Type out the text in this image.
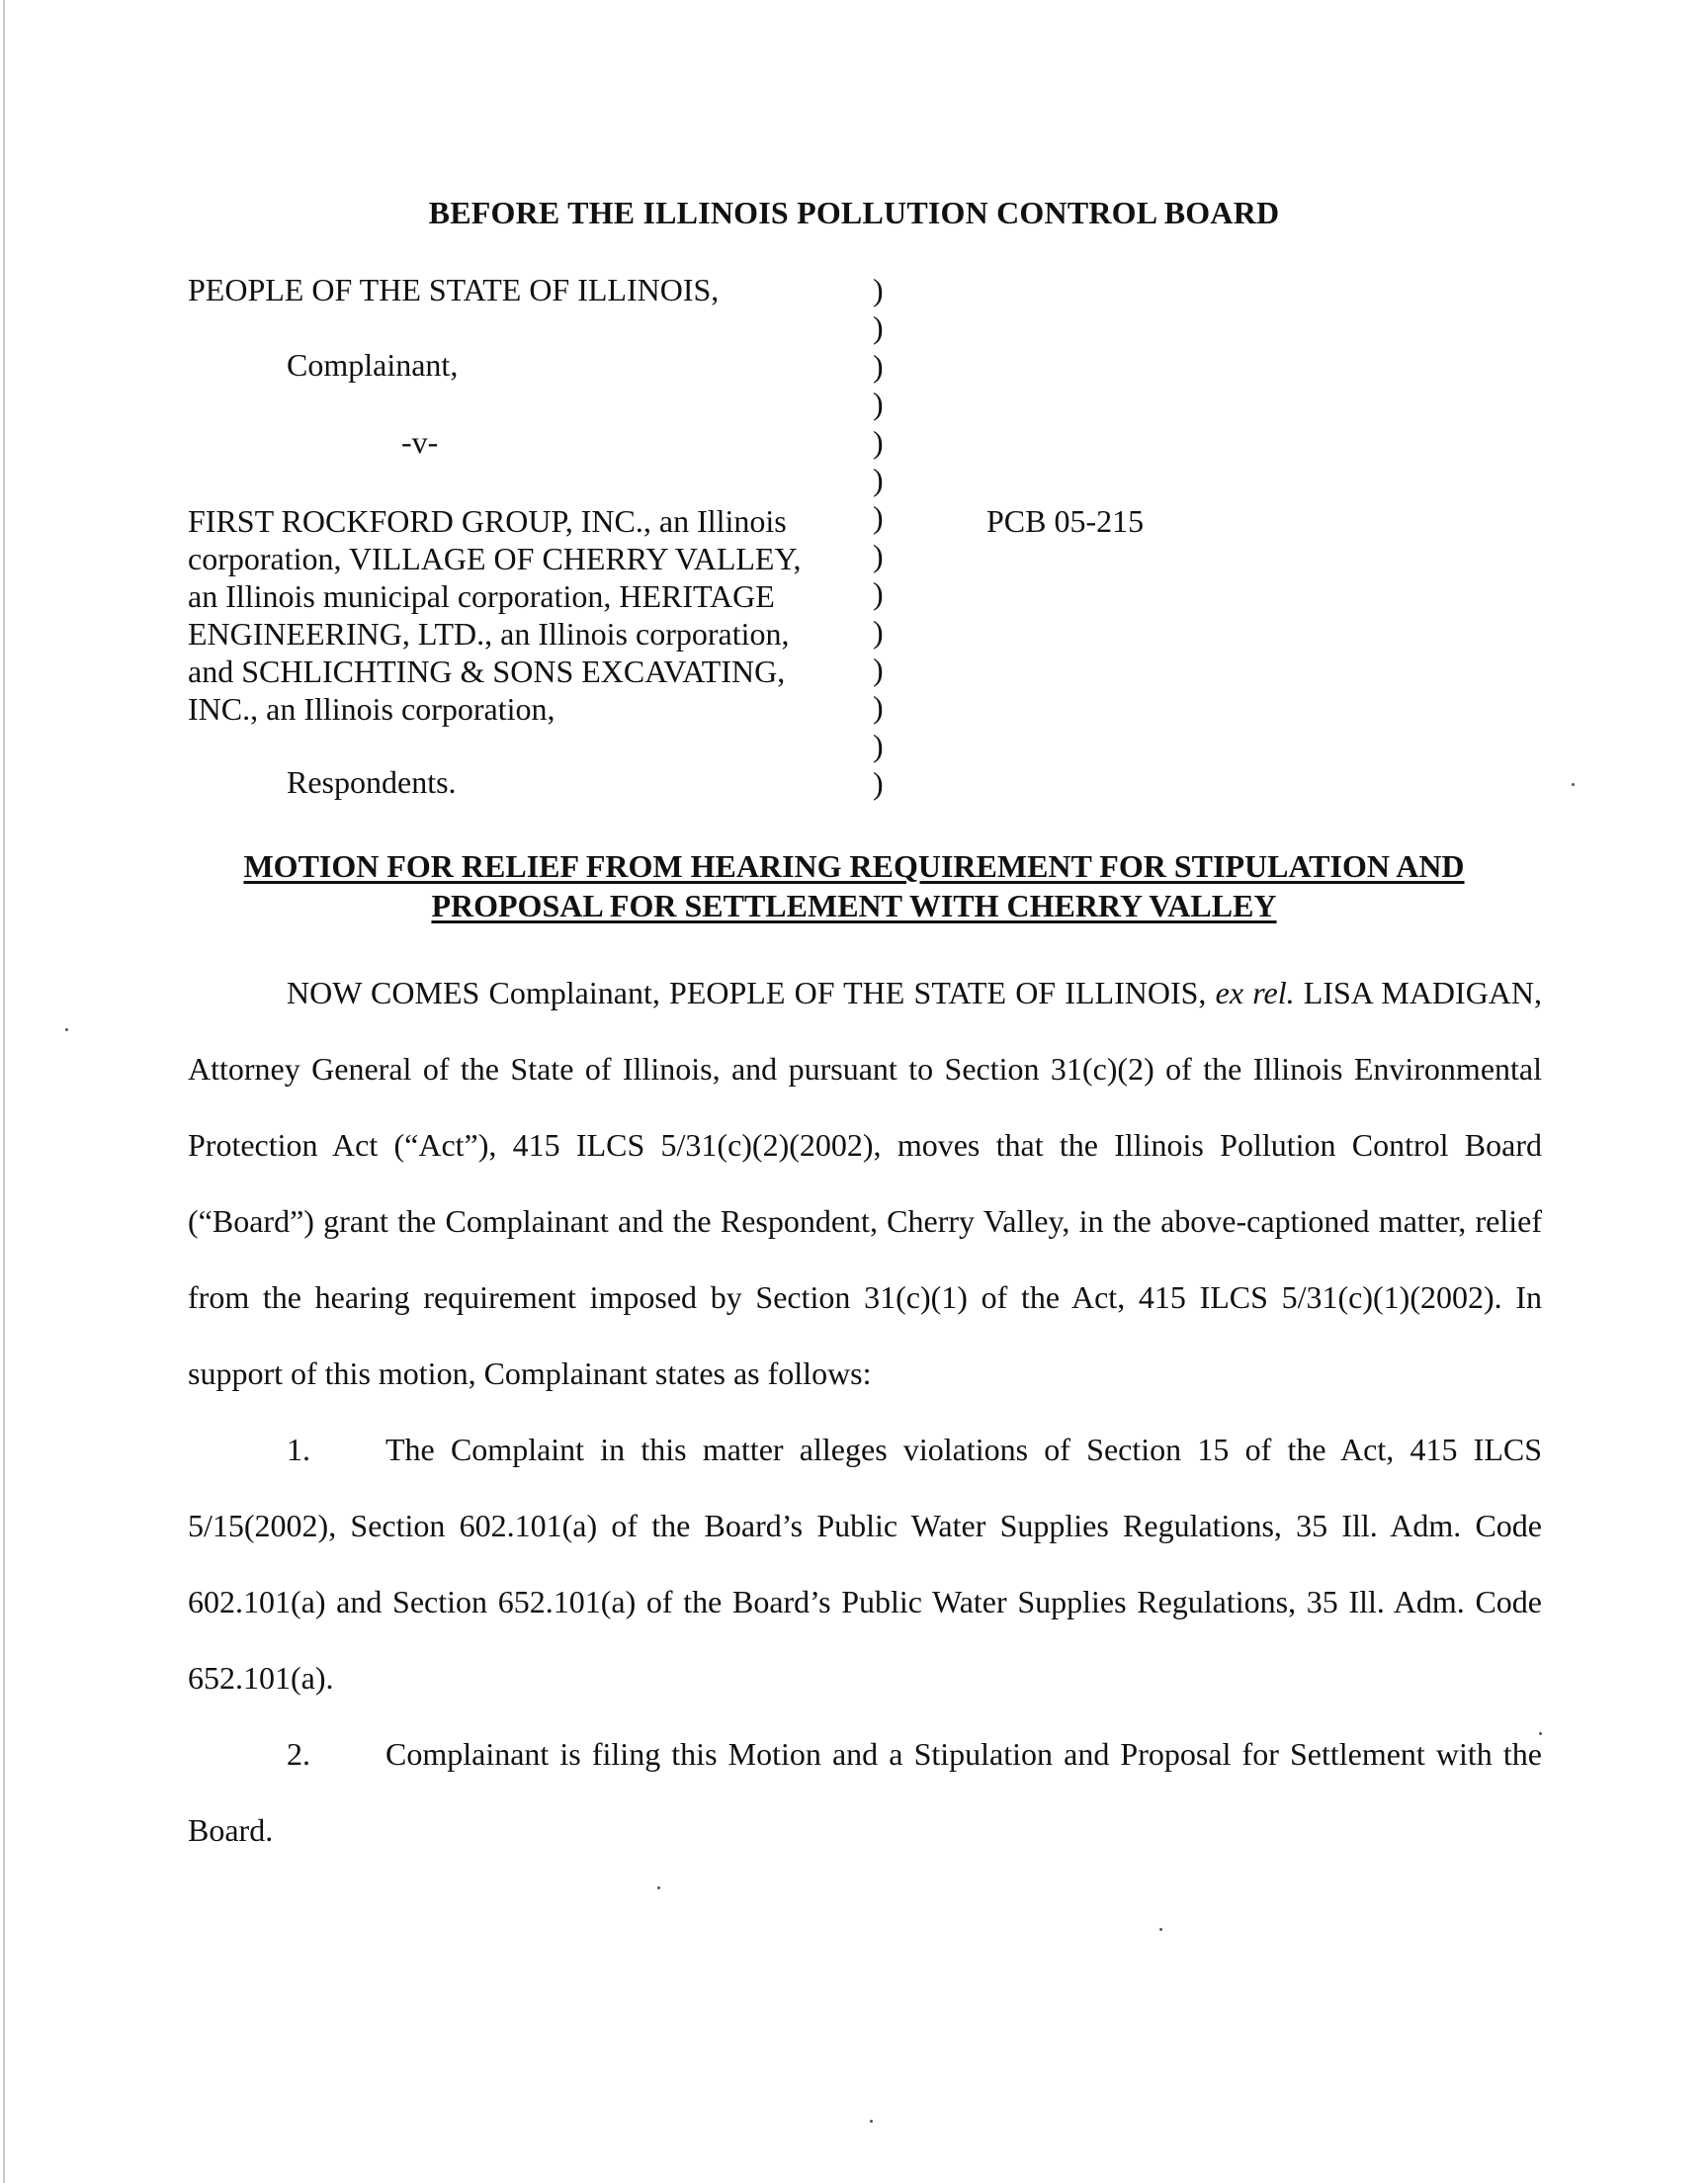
BEFORE THE ILLINOIS POLLUTION CONTROL BOARD
PEOPLE OF THE STATE OF ILLINOIS,
Complainant,
-v-
FIRST ROCKFORD GROUP, INC., an Illinois
corporation, VILLAGE OF CHERRY VALLEY,
an Illinois municipal corporation, HERITAGE
ENGINEERING, LTD., an Illinois corporation,
and SCHLICHTING & SONS EXCAVATING,
INC., an Illinois corporation,
Respondents.
)
)
)
)
)
)
)
)
)
)
)
)
)
)
PCB 05-215
MOTION FOR RELIEF FROM HEARING REQUIREMENT FOR STIPULATION AND
PROPOSAL FOR SETTLEMENT WITH CHERRY VALLEY

NOW COMES Complainant, PEOPLE OF THE STATE OF ILLINOIS, ex rel. LISA MADIGAN, Attorney General of the State of Illinois, and pursuant to Section 31(c)(2) of the Illinois Environmental Protection Act (“Act”), 415 ILCS 5/31(c)(2)(2002), moves that the Illinois Pollution Control Board (“Board”) grant the Complainant and the Respondent, Cherry Valley, in the above-captioned matter, relief from the hearing requirement imposed by Section 31(c)(1) of the Act, 415 ILCS 5/31(c)(1)(2002). In support of this motion, Complainant states as follows:

1. The Complaint in this matter alleges violations of Section 15 of the Act, 415 ILCS 5/15(2002), Section 602.101(a) of the Board’s Public Water Supplies Regulations, 35 Ill. Adm. Code 602.101(a) and Section 652.101(a) of the Board’s Public Water Supplies Regulations, 35 Ill. Adm. Code 652.101(a).

2. Complainant is filing this Motion and a Stipulation and Proposal for Settlement with the Board.
